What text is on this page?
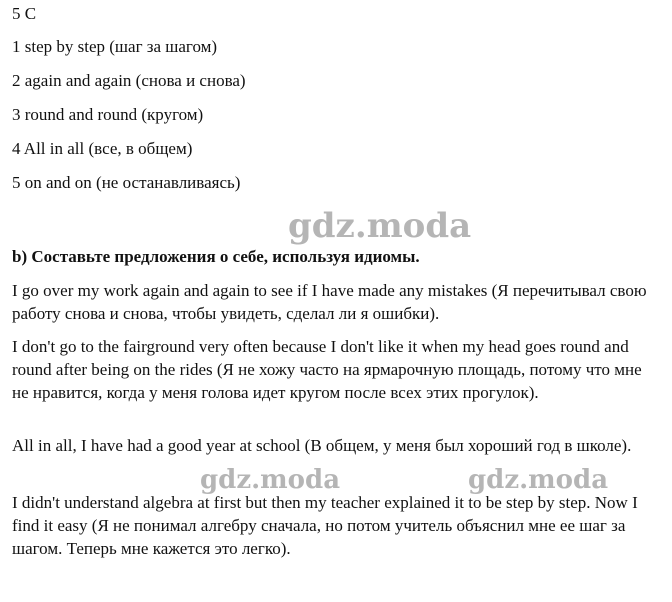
5 C
1 step by step (шаг за шагом)
2 again and again (снова и снова)
3 round and round (кругом)
4 All in all (все, в общем)
5 on and on (не останавливаясь)
gdz.moda
b) Составьте предложения о себе, используя идиомы.
I go over my work again and again to see if I have made any mistakes (Я перечитывал свою работу снова и снова, чтобы увидеть, сделал ли я ошибки).
I don't go to the fairground very often because I don't like it when my head goes round and round after being on the rides (Я не хожу часто на ярмарочную площадь, потому что мне не нравится, когда у меня голова идет кругом после всех этих прогулок).
All in all, I have had a good year at school (В общем, у меня был хороший год в школе).
gdz.moda	gdz.moda
I didn't understand algebra at first but then my teacher explained it to be step by step. Now I find it easy (Я не понимал алгебру сначала, но потом учитель объяснил мне ее шаг за шагом. Теперь мне кажется это легко).
